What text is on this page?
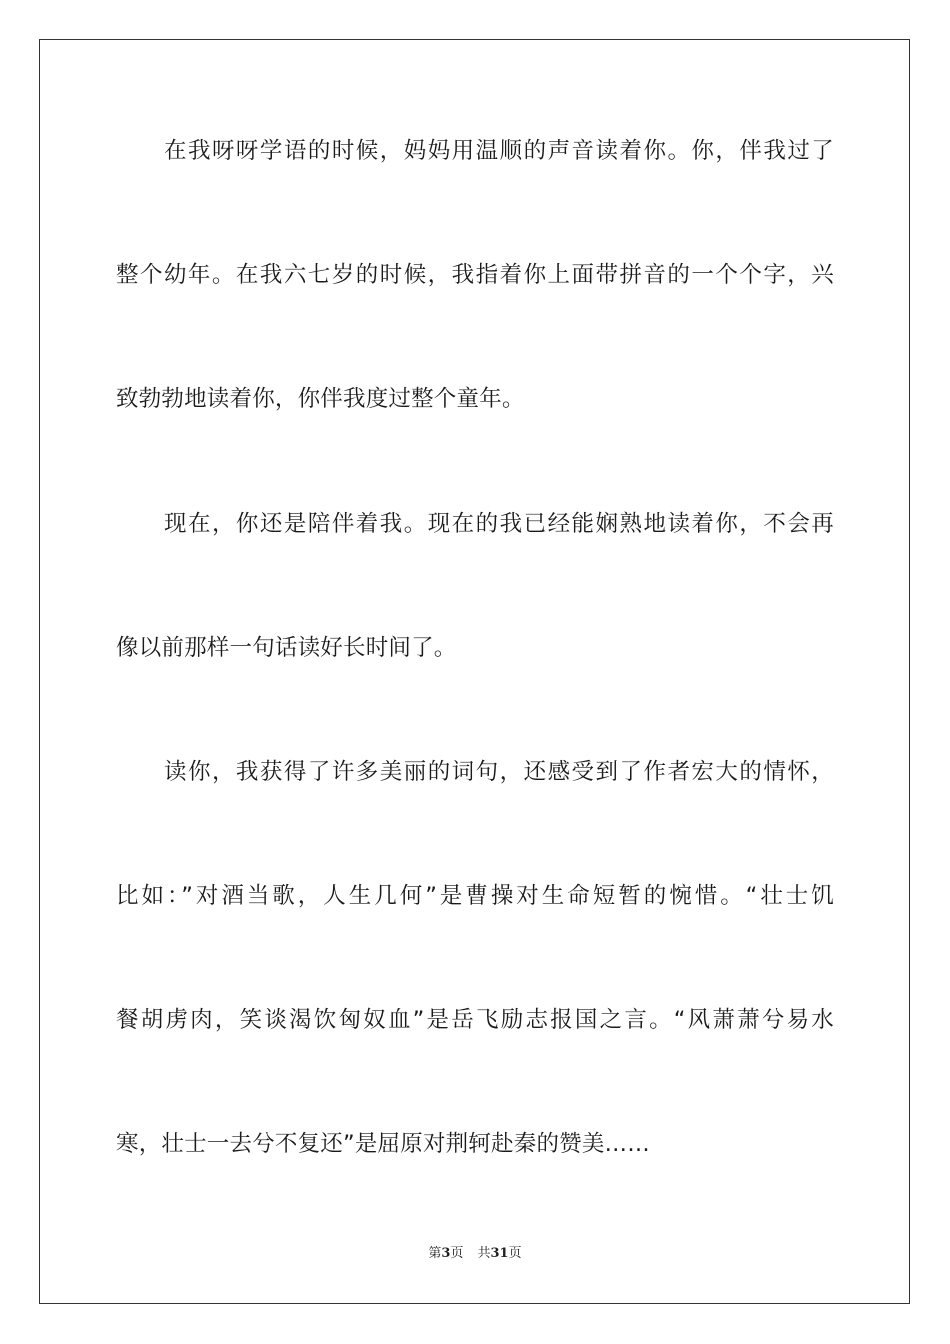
在我呀呀学语的时候，妈妈用温顺的声音读着你。你，伴我过了
整个幼年。在我六七岁的时候，我指着你上面带拼音的一个个字，兴
致勃勃地读着你，你伴我度过整个童年。
现在，你还是陪伴着我。现在的我已经能娴熟地读着你，不会再
像以前那样一句话读好长时间了。
读你，我获得了许多美丽的词句，还感受到了作者宏大的情怀，
比如：”对酒当歌，人生几何”是曹操对生命短暂的惋惜。“壮士饥
餐胡虏肉，笑谈渴饮匈奴血”是岳飞励志报国之言。“风萧萧兮易水
寒，壮士一去兮不复还”是屈原对荆轲赴秦的赞美……
第3页 共31页
